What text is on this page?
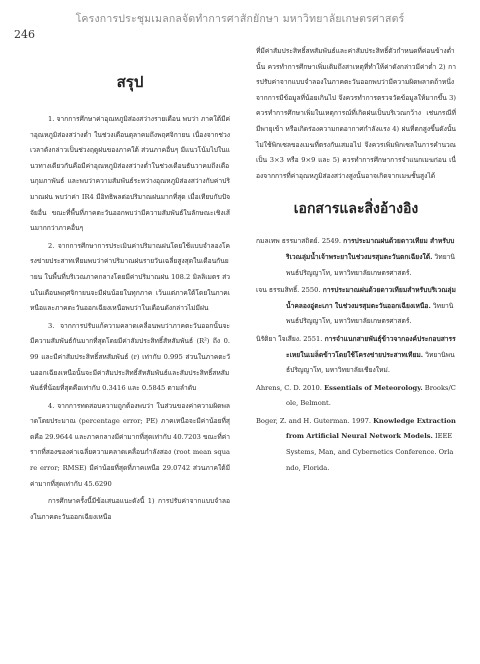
โครงการประชุมเมลกลจัดทำการศาสักยักษา มหาวิทยาลัยเกษตรศาสตร์
246
สรุป

1. จากการศึกษาค่าอุณหภูมิส่องสว่างรายเดือน พบว่า ภาคใต้มีค่าอุณหภูมิส่องสว่างต่ำ ในช่วงเดือนตุลาคมถึงพฤศจิกายน เนื่องจากช่วงเวลาดังกล่าวเป็นช่วงฤดูฝนของภาคใต้ ส่วนภาคอื่นๆ มีแนวโน้มไปในแนวทางเดียวกันคือมีค่าอุณหภูมิส่องสว่างต่ำในช่วงเดือนธันวาคมถึงเดือนกุมภาพันธ์ และพบว่าความสัมพันธ์ระหว่างอุณหภูมิส่องสว่างกับค่าปริมาณฝน พบว่าค่า IR4 มีอิทธิพลต่อปริมาณฝนมากที่สุด เมื่อเทียบกับปัจจัยอื่น ขณะที่พื้นที่ภาคตะวันออกพบว่ามีความสัมพันธ์ในลักษณะเชิงเส้นมากกว่าภาคอื่นๆ

2. จากการศึกษาการประเมินค่าปริมาณฝนโดยใช้แบบจำลองโครงข่ายประสาทเทียมพบว่าค่าปริมาณฝนรายวันเฉลี่ยสูงสุดในเดือนกันยายน ในพื้นที่บริเวณภาคกลางโดยมีค่าปริมาณฝน 108.2 มิลลิเมตร ส่วนในเดือนพฤศจิกายนจะมีฝนน้อยในทุกภาค เว้นแต่ภาคใต้โดยในภาคเหนือและภาคตะวันออกเฉียงเหนือพบว่าในเดือนดังกล่าวไม่มีฝน

3. จากการปรับแก้ความคลาดเคลื่อนพบว่าภาคตะวันออกนั้นจะมีความสัมพันธ์กันมากที่สุดโดยมีค่าสัมประสิทธิ์สัหสัมพันธ์ (R²) ถึง 0.99 และมีค่าสัมประสิทธิ์สหสัมพันธ์ (r) เท่ากับ 0.995 ส่วนในภาคตะวันออกเฉียงเหนือนั้นจะมีค่าสัมประสิทธิ์สัหสัมพันธ์และสัมประสิทธิ์สหสัมพันธ์ที่น้อยที่สุดคือเท่ากับ 0.3416 และ 0.5845 ตามลำดับ

4. จากการทดสอบความถูกต้องพบว่า ในส่วนของค่าความผิดพลาดโดยประมาณ (percentage error; PE) ภาคเหนือจะมีค่าน้อยที่สุดคือ 29.9644 และภาคกลางมีค่ามากที่สุดเท่ากับ 40.7203 ขณะที่ค่ารากที่สองของค่าเฉลี่ยความคลาดเคลื่อนกำลังสอง (root mean square error; RMSE) มีค่าน้อยที่สุดที่ภาคเหนือ 29.0742 ส่วนภาคใต้มีค่ามากที่สุดเท่ากับ 45.6290

การศึกษาครั้งนี้มีข้อเสนอแนะดังนี้ 1) การปรับค่าจากแบบจำลองในภาคตะวันออกเฉียงเหนือ

ที่มีค่าสัมประสิทธิ์สหสัมพันธ์และค่าสัมประสิทธิ์ตัวกำหนดที่ค่อนข้างต่ำนั้น ควรทำการศึกษาเพิ่มเติมถึงสาเหตุที่ทำให้ค่าดังกล่าวมีค่าต่ำ 2) การปรับค่าจากแบบจำลองในภาคตะวันออกพบว่ามีความผิดพลาดถ้าหนึ่งจากการมีข้อมูลที่น้อยเกินไป จึงควรทำการตรวจวัดข้อมูลให้มากขึ้น 3) ควรทำการศึกษาเพิ่มในเหตุการณ์ที่เกิดฝนเป็นบริเวณกว้าง เช่นกรณีที่มีพายุเข้า หรือเกิดร่องความกดอากาศกำลังแรง 4) ฝนที่ตกสูงขึ้นดังนั้นไม่ใช้พิกเซลของเมฆที่ตรงกันเสมอไป จึงควรเพิ่มพิกเซลในการคำนวณเป็น 3×3 หรือ 9×9 และ 5) ควรทำการศึกษาการจำแนกเมฆก่อน เนื่องจากการที่ค่าอุณหภูมิส่องสว่างสูงนั้นอาจเกิดจากเมฆชั้นสูงได้

เอกสารและสิ่งอ้างอิง

กมลเทพ ธรรมาสถิตย์. 2549. การประมาณฝนด้วยดาวเทียม สำหรับบริเวณลุ่มน้ำเจ้าพระยาในช่วงมรสุมตะวันตกเฉียงใต้. วิทยานิพนธ์ปริญญาโท, มหาวิทยาลัยเกษตรศาสตร์.

เจน ธรรมสิทธิ์. 2550. การประมาณฝนด้วยดาวเทียมสำหรับบริเวณลุ่มน้ำคลองอู่ตะเภา ในช่วงมรสุมตะวันออกเฉียงเหนือ. วิทยานิพนธ์ปริญญาโท, มหาวิทยาลัยเกษตรศาสตร์.

นิรัติยา ใจเสียง. 2551. การจำแนกสายพันธุ์ข้าวจากองค์ประกอบสารระเหยในเมล็ดข้าวโดยใช้โครงข่ายประสาทเทียม. วิทยานิพนธ์ปริญญาโท, มหาวิทยาลัยเชียงใหม่.

Ahrens, C. D. 2010. Essentials of Meteorology. Brooks/Cole, Belmont.

Boger, Z. and H. Guterman. 1997. Knowledge Extraction from Artificial Neural Network Models. IEEE Systems, Man, and Cybernetics Conference. Orlando, Florida.
